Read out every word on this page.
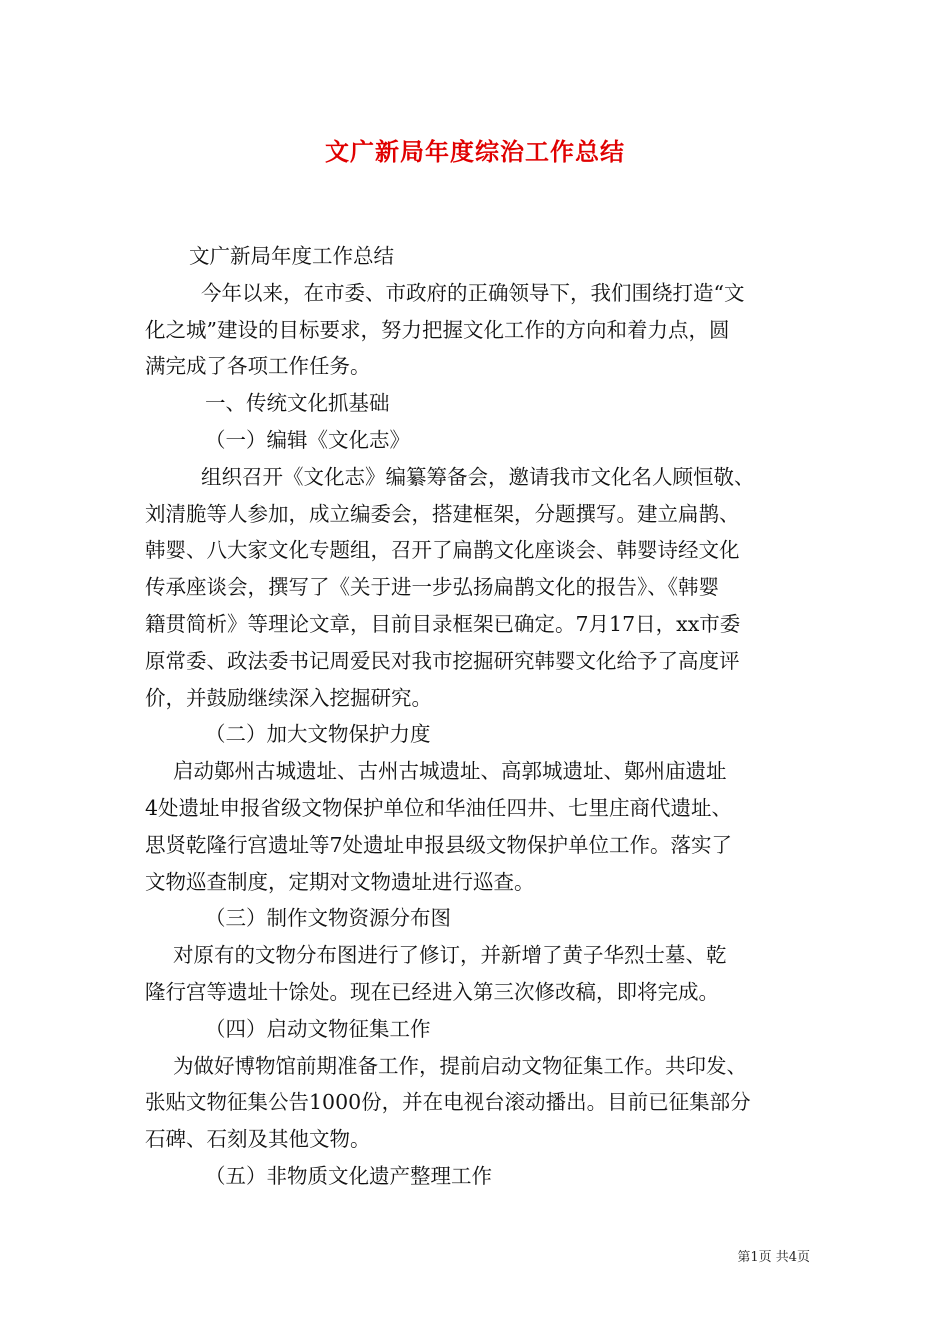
文广新局年度综治工作总结
文广新局年度工作总结
今年以来，在市委、市政府的正确领导下，我们围绕打造“文
化之城”建设的目标要求，努力把握文化工作的方向和着力点，圆
满完成了各项工作任务。
一、传统文化抓基础
（一）编辑《文化志》
组织召开《文化志》编纂筹备会，邀请我市文化名人顾恒敬、
刘清脆等人参加，成立编委会，搭建框架，分题撰写。建立扁鹊、
韩婴、八大家文化专题组，召开了扁鹊文化座谈会、韩婴诗经文化
传承座谈会，撰写了《关于进一步弘扬扁鹊文化的报告》、《韩婴
籍贯简析》等理论文章，目前目录框架已确定。7月17日，xx市委
原常委、政法委书记周爱民对我市挖掘研究韩婴文化给予了高度评
价，并鼓励继续深入挖掘研究。
（二）加大文物保护力度
启动鄚州古城遗址、古州古城遗址、高郭城遗址、鄚州庙遗址
4处遗址申报省级文物保护单位和华油任四井、七里庄商代遗址、
思贤乾隆行宫遗址等7处遗址申报县级文物保护单位工作。落实了
文物巡查制度，定期对文物遗址进行巡查。
（三）制作文物资源分布图
对原有的文物分布图进行了修订，并新增了黄子华烈士墓、乾
隆行宫等遗址十馀处。现在已经进入第三次修改稿，即将完成。
（四）启动文物征集工作
为做好博物馆前期准备工作，提前启动文物征集工作。共印发、
张贴文物征集公告1000份，并在电视台滚动播出。目前已征集部分
石碑、石刻及其他文物。
（五）非物质文化遗产整理工作
第1页 共4页
